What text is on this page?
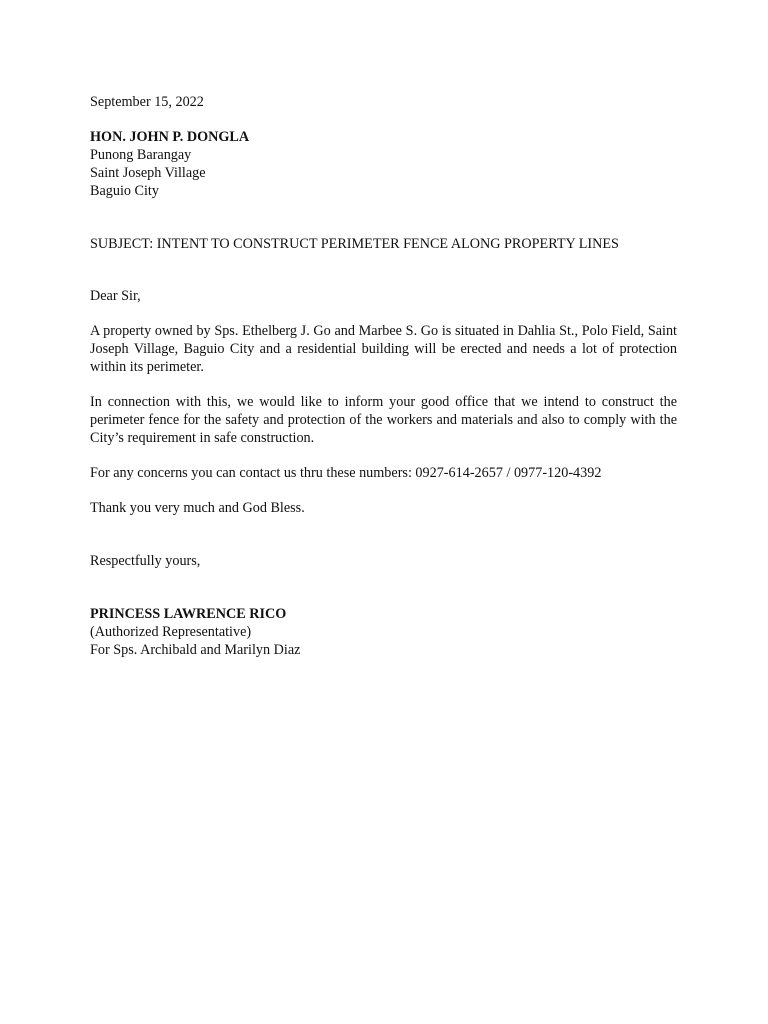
September 15, 2022
HON. JOHN P. DONGLA
Punong Barangay
Saint Joseph Village
Baguio City
SUBJECT: INTENT TO CONSTRUCT PERIMETER FENCE ALONG PROPERTY LINES
Dear Sir,

A property owned by Sps. Ethelberg J. Go and Marbee S. Go is situated in Dahlia St., Polo Field, Saint Joseph Village, Baguio City and a residential building will be erected and needs a lot of protection within its perimeter.

In connection with this, we would like to inform your good office that we intend to construct the perimeter fence for the safety and protection of the workers and materials and also to comply with the City’s requirement in safe construction.

For any concerns you can contact us thru these numbers: 0927-614-2657 / 0977-120-4392

Thank you very much and God Bless.

Respectfully yours,
PRINCESS LAWRENCE RICO
(Authorized Representative)
For Sps. Archibald and Marilyn Diaz
